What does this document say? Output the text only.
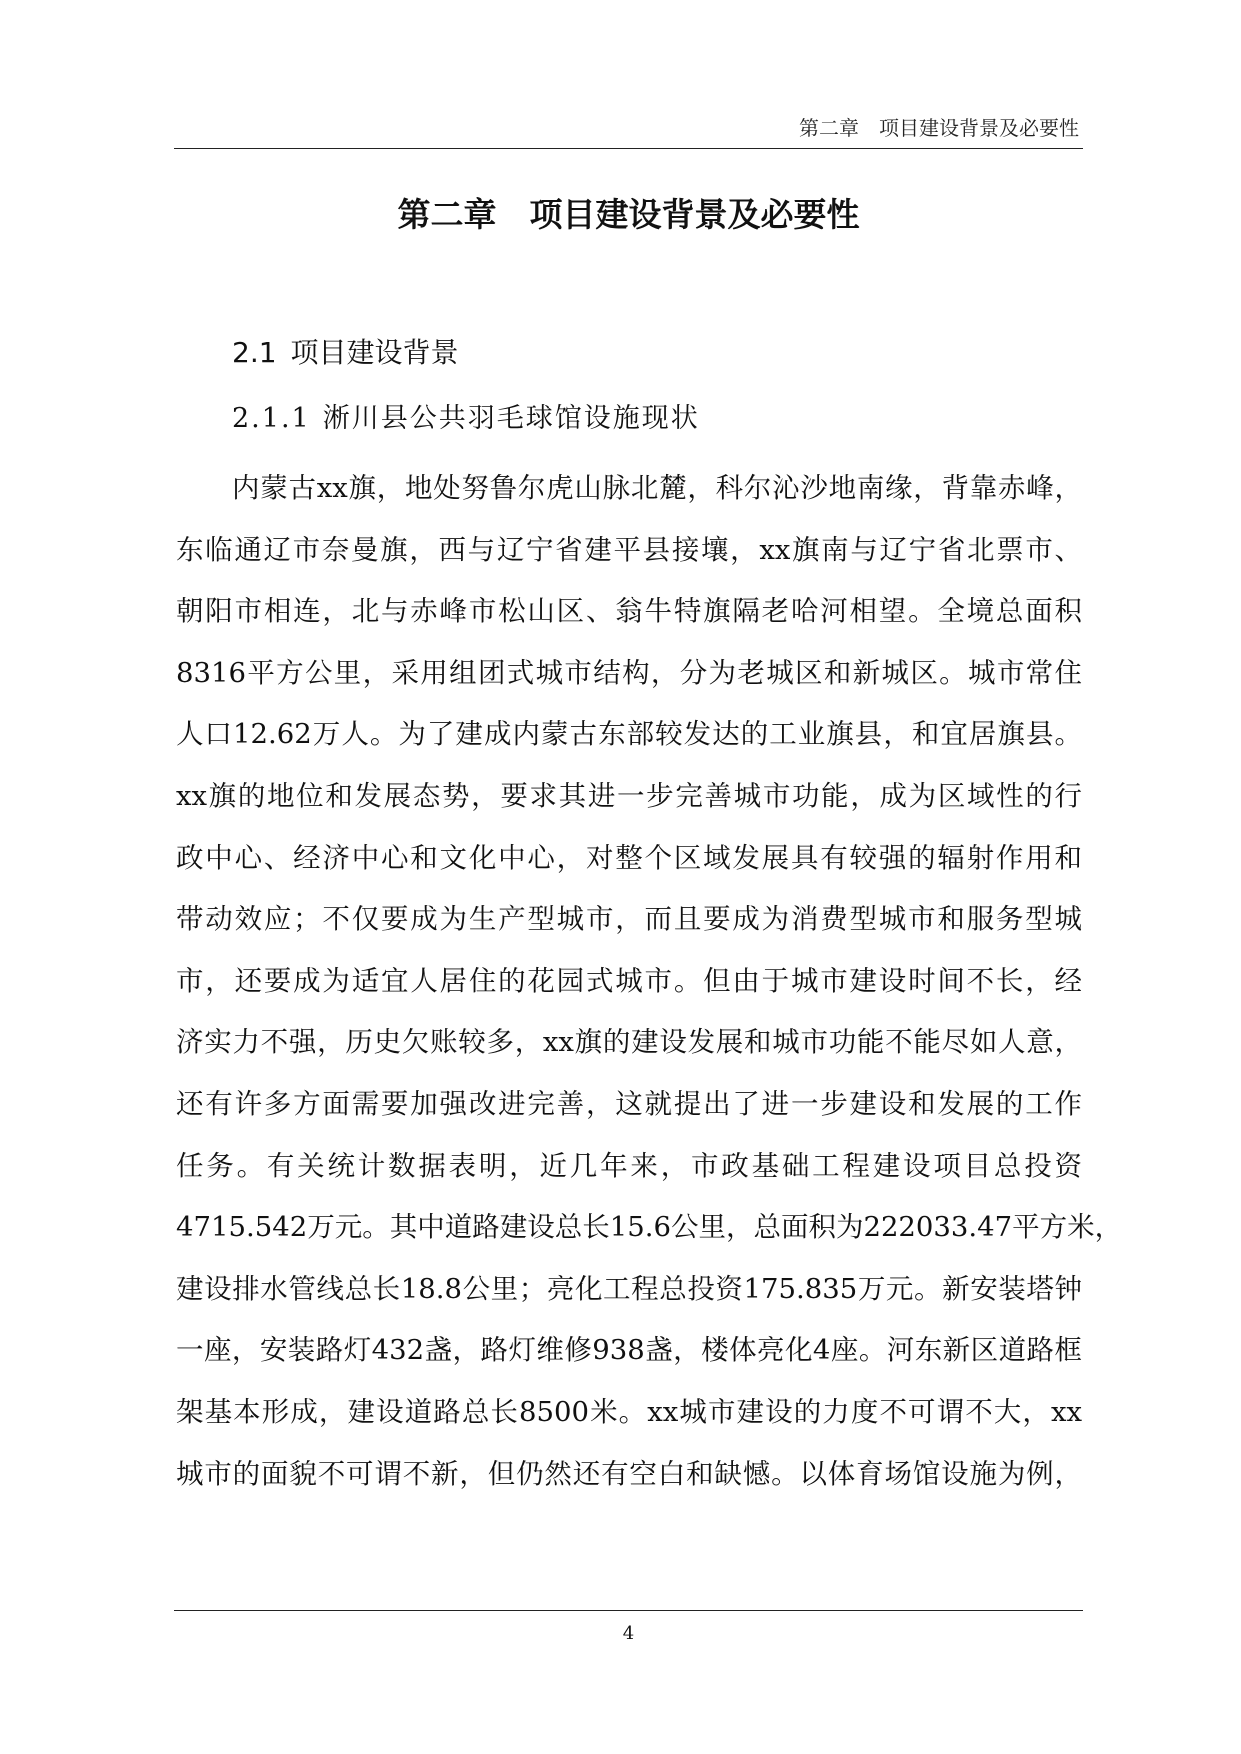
第二章　项目建设背景及必要性
第二章　项目建设背景及必要性
2.1 项目建设背景
2.1.1 淅川县公共羽毛球馆设施现状
内蒙古xx旗，地处努鲁尔虎山脉北麓，科尔沁沙地南缘，背靠赤峰，
东临通辽市奈曼旗，西与辽宁省建平县接壤，xx旗南与辽宁省北票市、
朝阳市相连，北与赤峰市松山区、翁牛特旗隔老哈河相望。全境总面积
8316平方公里，采用组团式城市结构，分为老城区和新城区。城市常住
人口12.62万人。为了建成内蒙古东部较发达的工业旗县，和宜居旗县。
xx旗的地位和发展态势，要求其进一步完善城市功能，成为区域性的行
政中心、经济中心和文化中心，对整个区域发展具有较强的辐射作用和
带动效应；不仅要成为生产型城市，而且要成为消费型城市和服务型城
市，还要成为适宜人居住的花园式城市。但由于城市建设时间不长，经
济实力不强，历史欠账较多，xx旗的建设发展和城市功能不能尽如人意，
还有许多方面需要加强改进完善，这就提出了进一步建设和发展的工作
任务。有关统计数据表明，近几年来，市政基础工程建设项目总投资
4715.542万元。其中道路建设总长15.6公里，总面积为222033.47平方米，
建设排水管线总长18.8公里；亮化工程总投资175.835万元。新安装塔钟
一座，安装路灯432盏，路灯维修938盏，楼体亮化4座。河东新区道路框
架基本形成，建设道路总长8500米。xx城市建设的力度不可谓不大，xx
城市的面貌不可谓不新，但仍然还有空白和缺憾。以体育场馆设施为例，
4
